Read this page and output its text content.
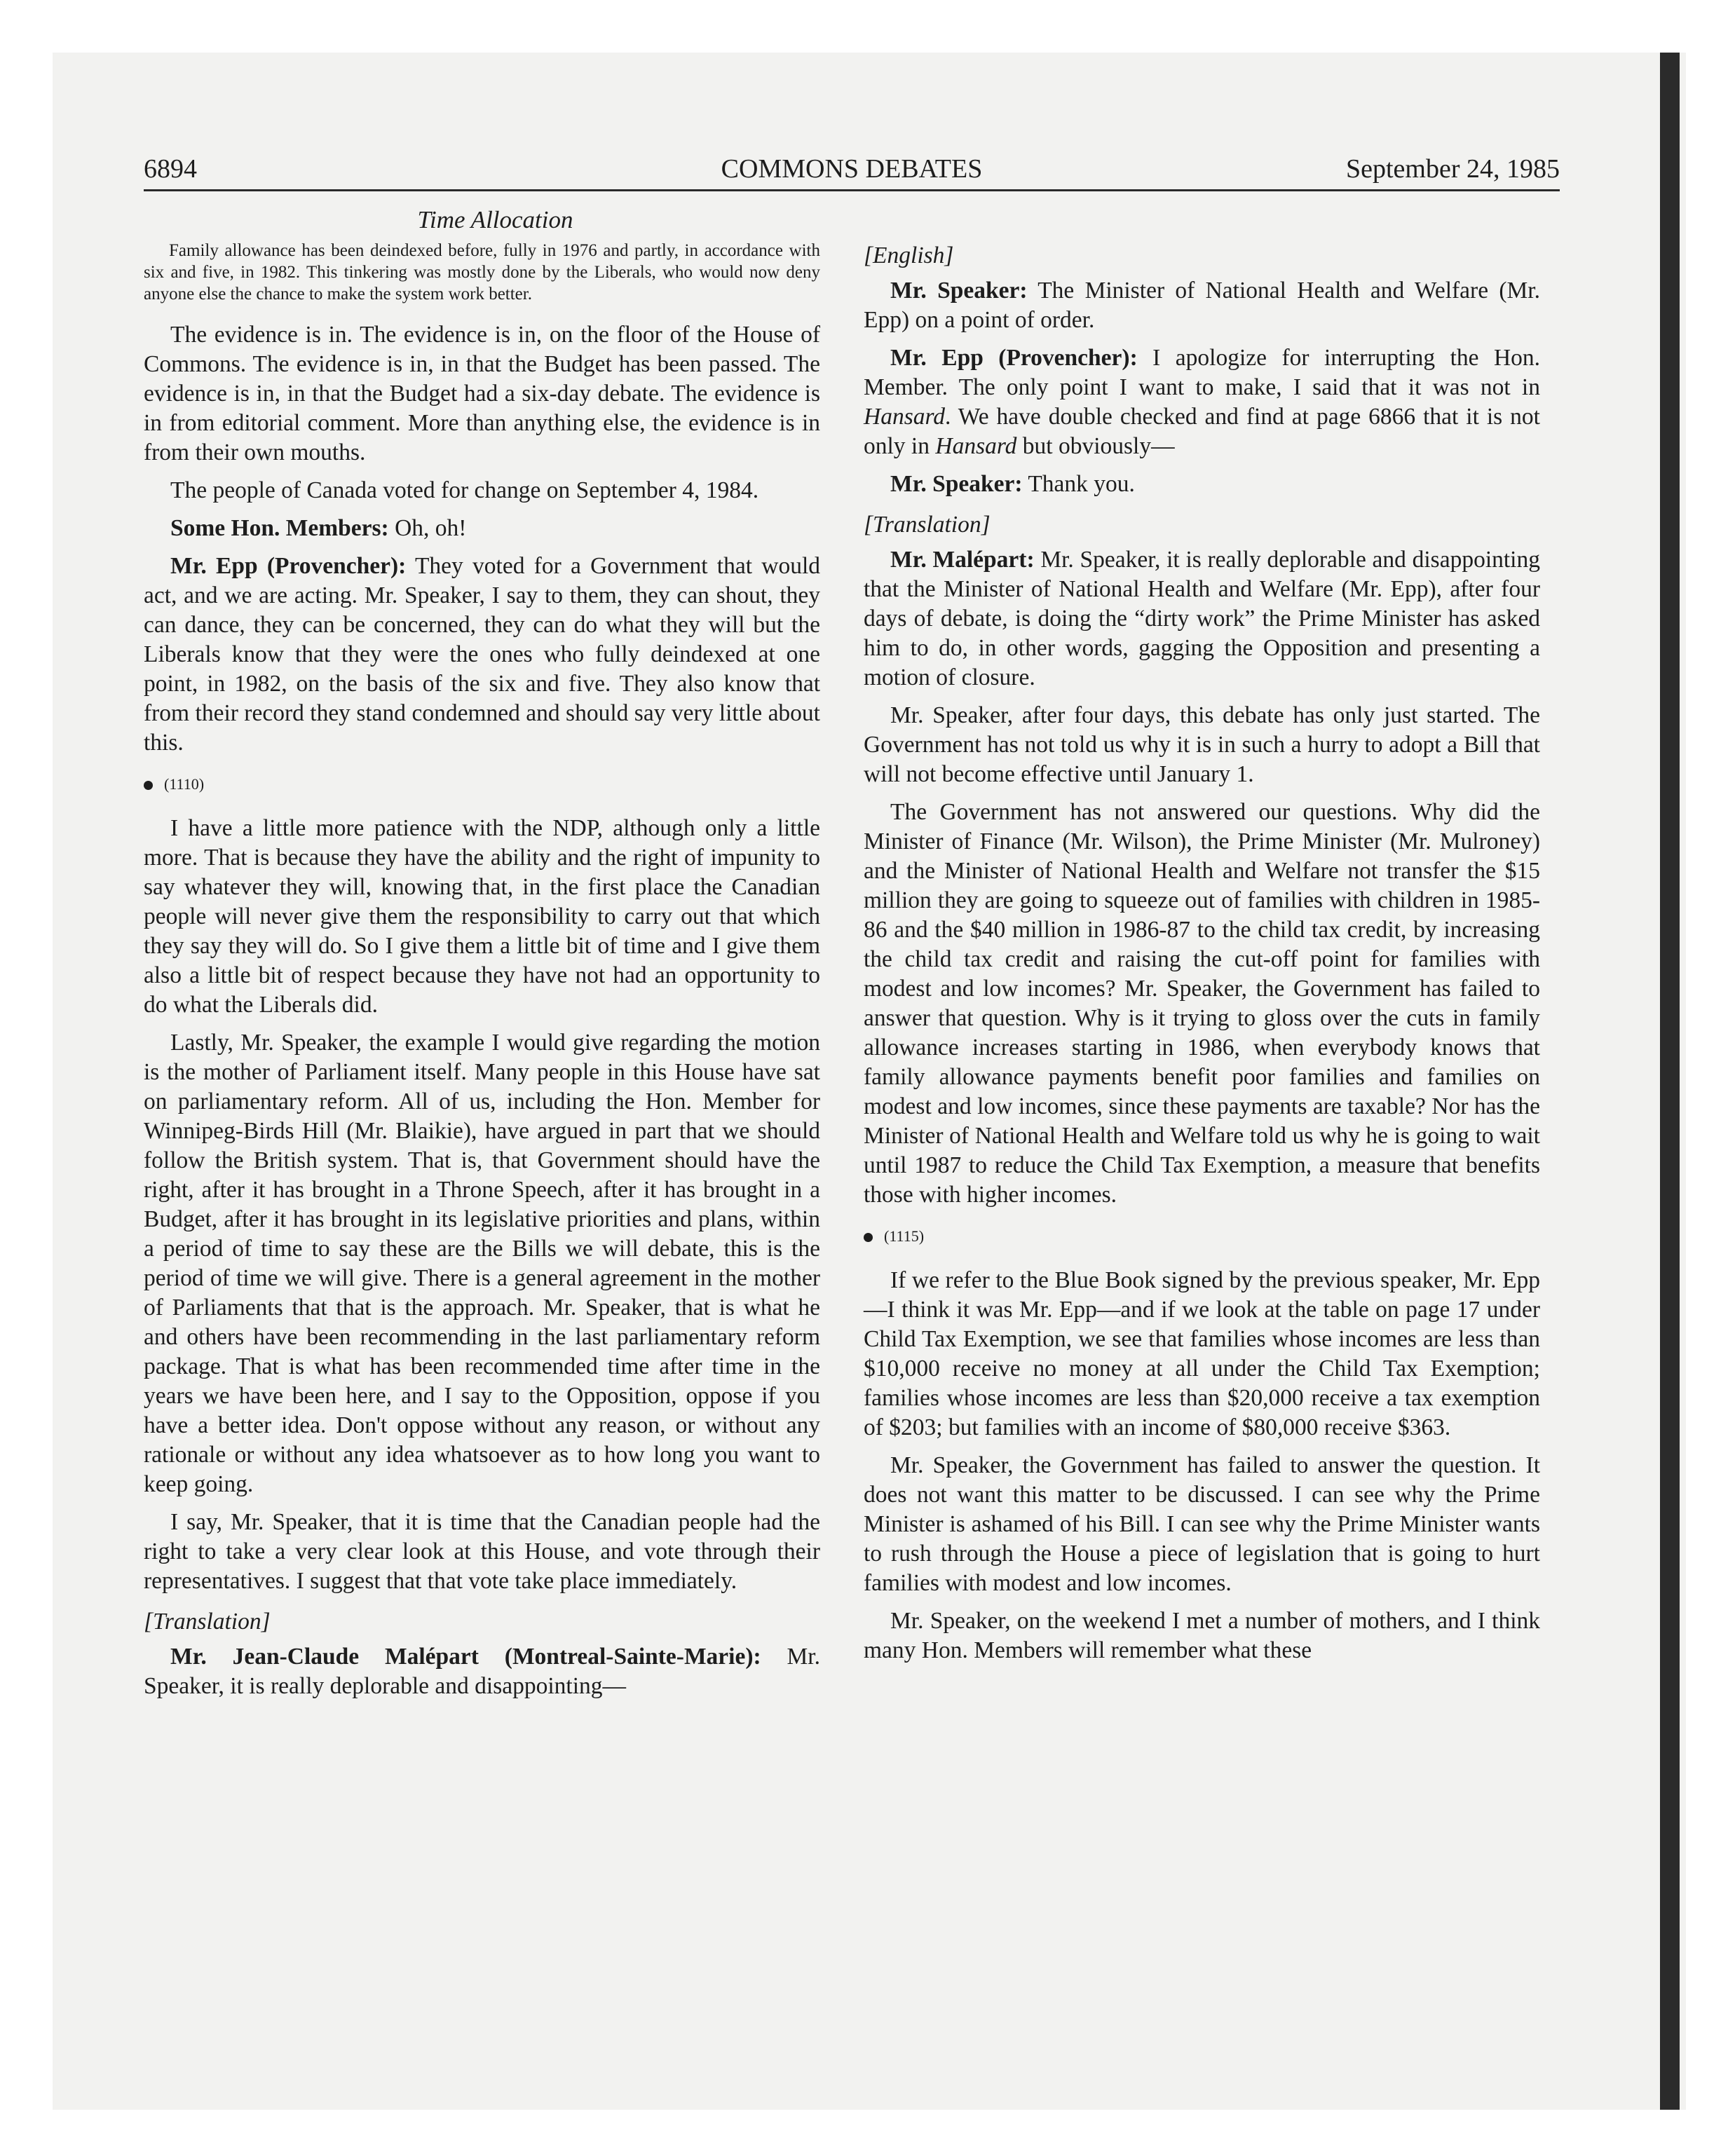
6894	COMMONS DEBATES	September 24, 1985

Time Allocation

Family allowance has been deindexed before, fully in 1976 and partly, in accordance with six and five, in 1982. This tinkering was mostly done by the Liberals, who would now deny anyone else the chance to make the system work better.

The evidence is in. The evidence is in, on the floor of the House of Commons. The evidence is in, in that the Budget has been passed. The evidence is in, in that the Budget had a six-day debate. The evidence is in from editorial comment. More than anything else, the evidence is in from their own mouths.

The people of Canada voted for change on September 4, 1984.

Some Hon. Members: Oh, oh!

Mr. Epp (Provencher): They voted for a Government that would act, and we are acting. Mr. Speaker, I say to them, they can shout, they can dance, they can be concerned, they can do what they will but the Liberals know that they were the ones who fully deindexed at one point, in 1982, on the basis of the six and five. They also know that from their record they stand condemned and should say very little about this.

(1110)

I have a little more patience with the NDP, although only a little more. That is because they have the ability and the right of impunity to say whatever they will, knowing that, in the first place the Canadian people will never give them the responsibility to carry out that which they say they will do. So I give them a little bit of time and I give them also a little bit of respect because they have not had an opportunity to do what the Liberals did.

Lastly, Mr. Speaker, the example I would give regarding the motion is the mother of Parliament itself. Many people in this House have sat on parliamentary reform. All of us, including the Hon. Member for Winnipeg-Birds Hill (Mr. Blaikie), have argued in part that we should follow the British system. That is, that Government should have the right, after it has brought in a Throne Speech, after it has brought in a Budget, after it has brought in its legislative priorities and plans, within a period of time to say these are the Bills we will debate, this is the period of time we will give. There is a general agreement in the mother of Parliaments that that is the approach. Mr. Speaker, that is what he and others have been recommending in the last parliamentary reform package. That is what has been recommended time after time in the years we have been here, and I say to the Opposition, oppose if you have a better idea. Don't oppose without any reason, or without any rationale or without any idea whatsoever as to how long you want to keep going.

I say, Mr. Speaker, that it is time that the Canadian people had the right to take a very clear look at this House, and vote through their representatives. I suggest that that vote take place immediately.

[Translation]

Mr. Jean-Claude Malépart (Montreal-Sainte-Marie): Mr. Speaker, it is really deplorable and disappointing—

[English]

Mr. Speaker: The Minister of National Health and Welfare (Mr. Epp) on a point of order.

Mr. Epp (Provencher): I apologize for interrupting the Hon. Member. The only point I want to make, I said that it was not in Hansard. We have double checked and find at page 6866 that it is not only in Hansard but obviously—

Mr. Speaker: Thank you.

[Translation]

Mr. Malépart: Mr. Speaker, it is really deplorable and disappointing that the Minister of National Health and Welfare (Mr. Epp), after four days of debate, is doing the “dirty work” the Prime Minister has asked him to do, in other words, gagging the Opposition and presenting a motion of closure.

Mr. Speaker, after four days, this debate has only just started. The Government has not told us why it is in such a hurry to adopt a Bill that will not become effective until January 1.

The Government has not answered our questions. Why did the Minister of Finance (Mr. Wilson), the Prime Minister (Mr. Mulroney) and the Minister of National Health and Welfare not transfer the $15 million they are going to squeeze out of families with children in 1985-86 and the $40 million in 1986-87 to the child tax credit, by increasing the child tax credit and raising the cut-off point for families with modest and low incomes? Mr. Speaker, the Government has failed to answer that question. Why is it trying to gloss over the cuts in family allowance increases starting in 1986, when everybody knows that family allowance payments benefit poor families and families on modest and low incomes, since these payments are taxable? Nor has the Minister of National Health and Welfare told us why he is going to wait until 1987 to reduce the Child Tax Exemption, a measure that benefits those with higher incomes.

(1115)

If we refer to the Blue Book signed by the previous speaker, Mr. Epp—I think it was Mr. Epp—and if we look at the table on page 17 under Child Tax Exemption, we see that families whose incomes are less than $10,000 receive no money at all under the Child Tax Exemption; families whose incomes are less than $20,000 receive a tax exemption of $203; but families with an income of $80,000 receive $363.

Mr. Speaker, the Government has failed to answer the question. It does not want this matter to be discussed. I can see why the Prime Minister is ashamed of his Bill. I can see why the Prime Minister wants to rush through the House a piece of legislation that is going to hurt families with modest and low incomes.

Mr. Speaker, on the weekend I met a number of mothers, and I think many Hon. Members will remember what these
